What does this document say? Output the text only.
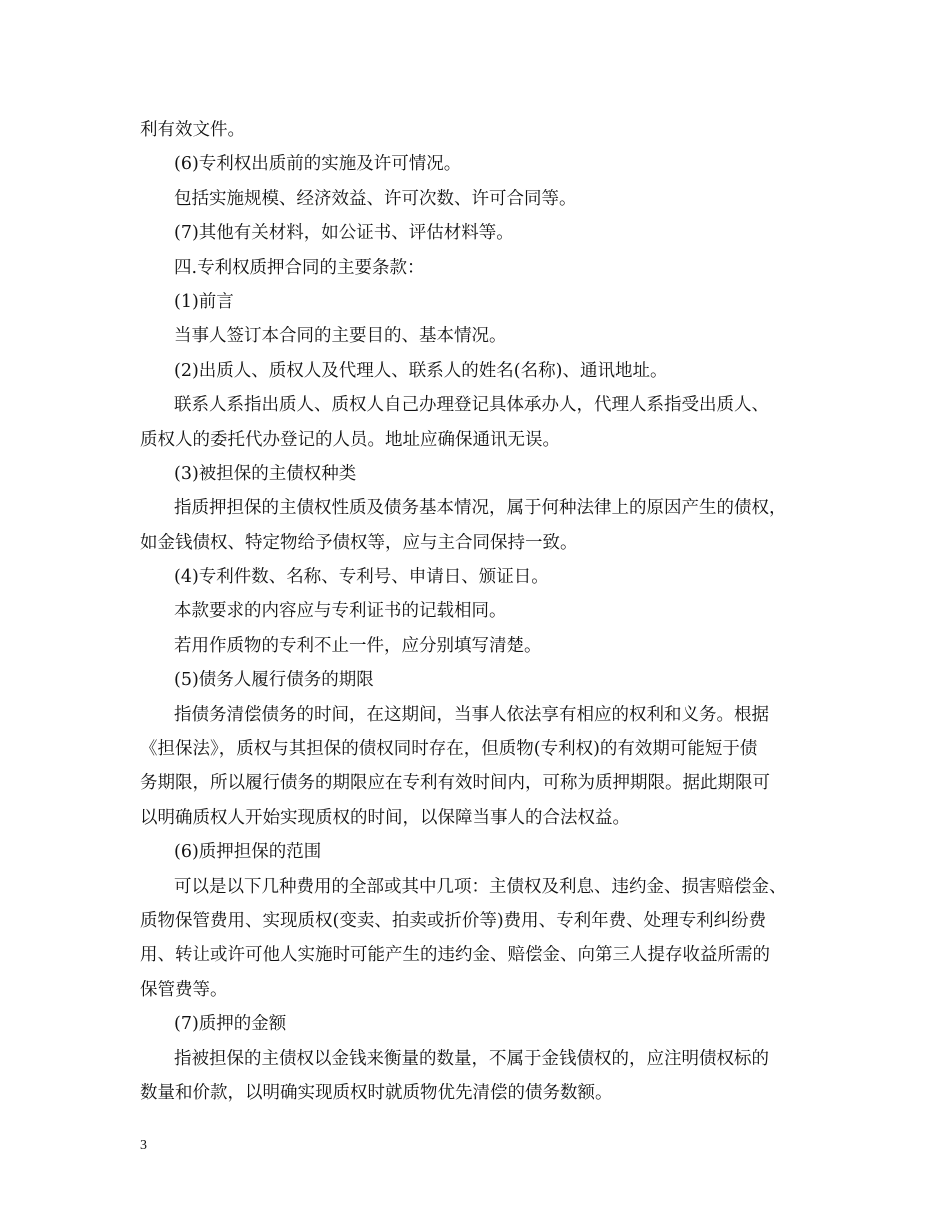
利有效文件。
(6)专利权出质前的实施及许可情况。
包括实施规模、经济效益、许可次数、许可合同等。
(7)其他有关材料，如公证书、评估材料等。
四.专利权质押合同的主要条款：
(1)前言
当事人签订本合同的主要目的、基本情况。
(2)出质人、质权人及代理人、联系人的姓名(名称)、通讯地址。
联系人系指出质人、质权人自己办理登记具体承办人，代理人系指受出质人、
质权人的委托代办登记的人员。地址应确保通讯无误。
(3)被担保的主债权种类
指质押担保的主债权性质及债务基本情况，属于何种法律上的原因产生的债权，
如金钱债权、特定物给予债权等，应与主合同保持一致。
(4)专利件数、名称、专利号、申请日、颁证日。
本款要求的内容应与专利证书的记载相同。
若用作质物的专利不止一件，应分别填写清楚。
(5)债务人履行债务的期限
指债务清偿债务的时间，在这期间，当事人依法享有相应的权利和义务。根据
《担保法》，质权与其担保的债权同时存在，但质物(专利权)的有效期可能短于债
务期限，所以履行债务的期限应在专利有效时间内，可称为质押期限。据此期限可
以明确质权人开始实现质权的时间，以保障当事人的合法权益。
(6)质押担保的范围
可以是以下几种费用的全部或其中几项：主债权及利息、违约金、损害赔偿金、
质物保管费用、实现质权(变卖、拍卖或折价等)费用、专利年费、处理专利纠纷费
用、转让或许可他人实施时可能产生的违约金、赔偿金、向第三人提存收益所需的
保管费等。
(7)质押的金额
指被担保的主债权以金钱来衡量的数量，不属于金钱债权的，应注明债权标的
数量和价款，以明确实现质权时就质物优先清偿的债务数额。
3
